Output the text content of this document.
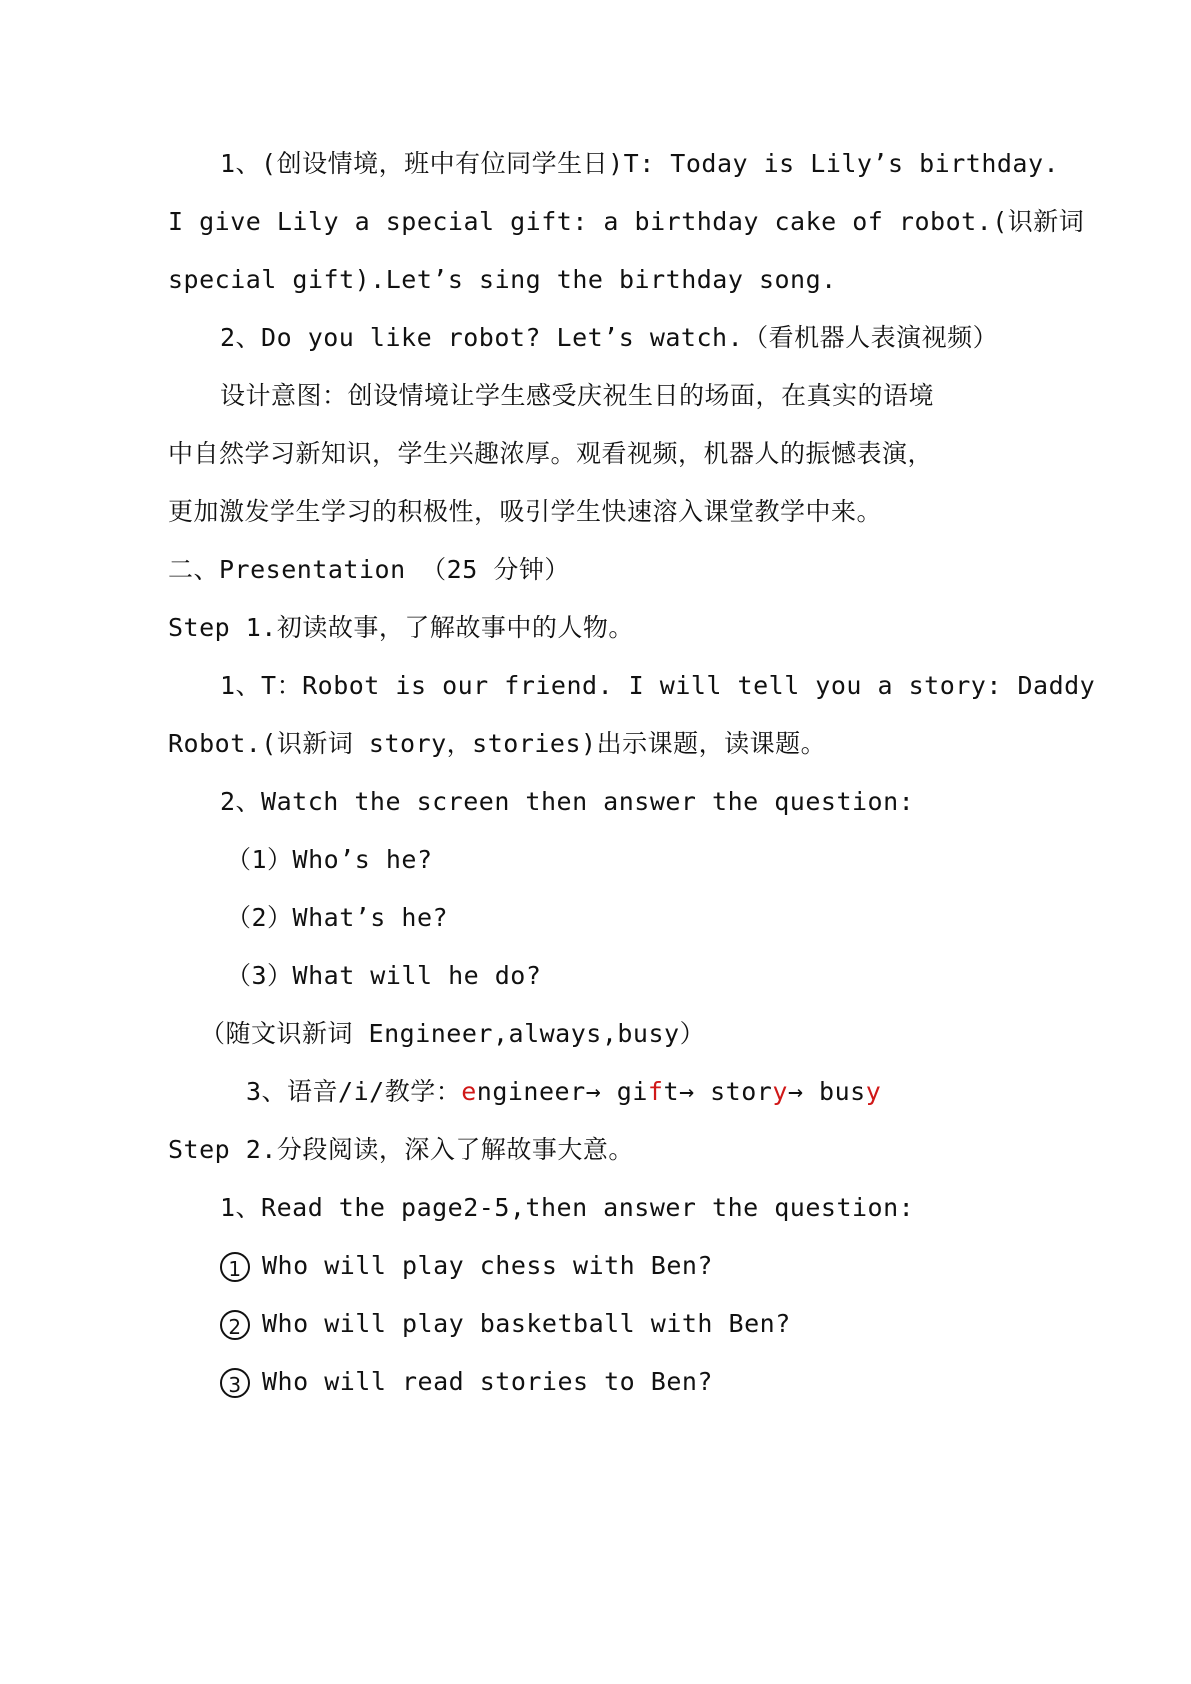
1、(创设情境，班中有位同学生日)T: Today is Lily’s birthday.
I give Lily a special gift: a birthday cake of robot.(识新词
special gift).Let’s sing the birthday song.
2、Do you like robot? Let’s watch.（看机器人表演视频）
设计意图：创设情境让学生感受庆祝生日的场面，在真实的语境
中自然学习新知识，学生兴趣浓厚。观看视频，机器人的振憾表演，
更加激发学生学习的积极性，吸引学生快速溶入课堂教学中来。
二、Presentation （25 分钟）
Step 1.初读故事，了解故事中的人物。
1、T：Robot is our friend. I will tell you a story: Daddy
Robot.(识新词 story，stories)出示课题，读课题。
2、Watch the screen then answer the question:
（1）Who’s he?
（2）What’s he?
（3）What will he do?
（随文识新词 Engineer,always,busy）
3、语音/i/教学：engineer→ gift→ story→ busy
Step 2.分段阅读，深入了解故事大意。
1、Read the page2-5,then answer the question:
1 Who will play chess with Ben?
2 Who will play basketball with Ben?
3 Who will read stories to Ben?
